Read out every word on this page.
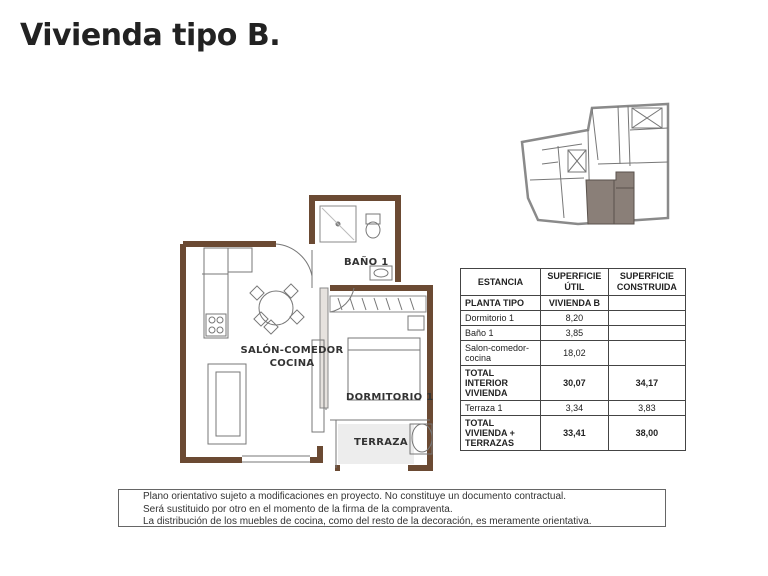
Vivienda tipo B.
BAÑO 1
SALÓN-COMEDOR
COCINA
DORMITORIO 1
TERRAZA
ESTANCIA	SUPERFICIE ÚTIL	SUPERFICIE CONSTRUIDA
PLANTA TIPO	VIVIENDA B	
Dormitorio 1	8,20	
Baño 1	3,85	
Salon-comedor-cocina	18,02	
TOTAL INTERIOR VIVIENDA	30,07	34,17
Terraza 1	3,34	3,83
TOTAL VIVIENDA + TERRAZAS	33,41	38,00
Plano orientativo sujeto a modificaciones en proyecto. No constituye un documento contractual.
Será sustituido por otro en el momento de la firma de la compraventa.
La distribución de los muebles de cocina, como del resto de la decoración, es meramente orientativa.
